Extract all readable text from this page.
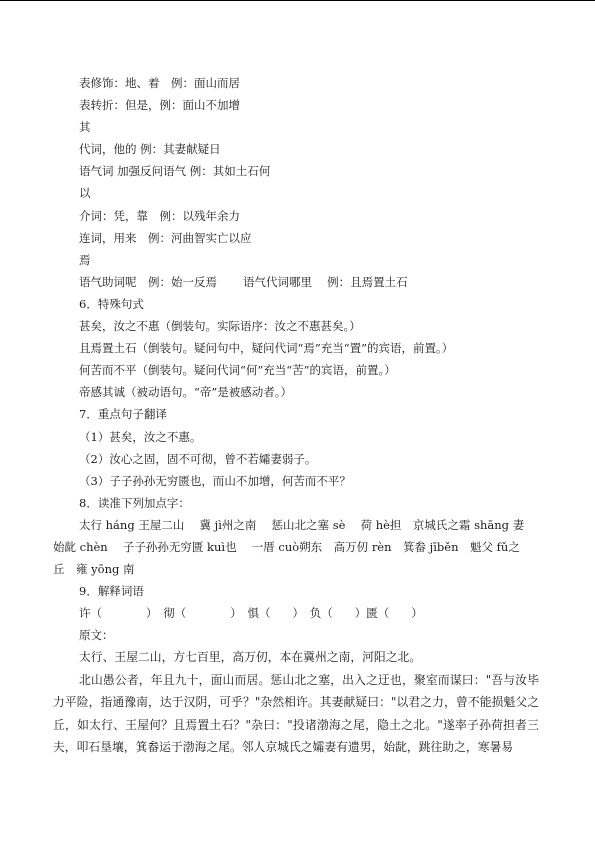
表修饰：地、着　例：面山而居
表转折：但是，例：面山不加增
其
代词，他的 例：其妻献疑日
语气词 加强反问语气 例：其如土石何
以
介词：凭，靠　例：以残年余力
连词，用来　例：河曲智实亡以应
焉
语气助词呢　例：始一反焉 语气代词哪里　 例：且焉置土石
6．特殊句式
甚矣，汝之不惠（倒装句。实际语序：汝之不惠甚矣。）
且焉置土石（倒装句。疑问句中，疑问代词“焉”充当“置”的宾语，前置。）
何苦而不平（倒装句。疑问代词“何”充当“苦”的宾语，前置。）
帝感其诚（被动语句。“帝”是被感动者。）
7．重点句子翻译
（1）甚矣，汝之不惠。
（2）汝心之固，固不可彻，曾不若孀妻弱子。
（3）子子孙孙无穷匮也，而山不加增，何苦而不平？
8．读准下列加点字：
太行 háng 王屋二山　 冀 jì州之南　 惩山北之塞 sè　 荷 hè担　京城氏之霜 shāng 妻
始龀 chèn　 子子孙孙无穷匮 kuì也　 一厝 cuò朔东　高万仞 rèn　箕畚 jīběn　魁父 fǔ之
丘　雍 yōng 南
9．解释词语
许（	）　彻（	）　惧（ ）　负（ ）匮（ ）
原文：
太行、王屋二山，方七百里，高万仞，本在冀州之南，河阳之北。

北山愚公者，年且九十，面山而居。惩山北之塞，出入之迂也，聚室而谋曰："吾与汝毕力平险，指通豫南，达于汉阴，可乎？"杂然相许。其妻献疑曰："以君之力，曾不能损魁父之丘，如太行、王屋何？且焉置土石？"杂曰："投诸渤海之尾，隐土之北。"遂率子孙荷担者三夫，叩石垦壤，箕畚运于渤海之尾。邻人京城氏之孀妻有遗男，始龀，跳往助之，寒暑易
